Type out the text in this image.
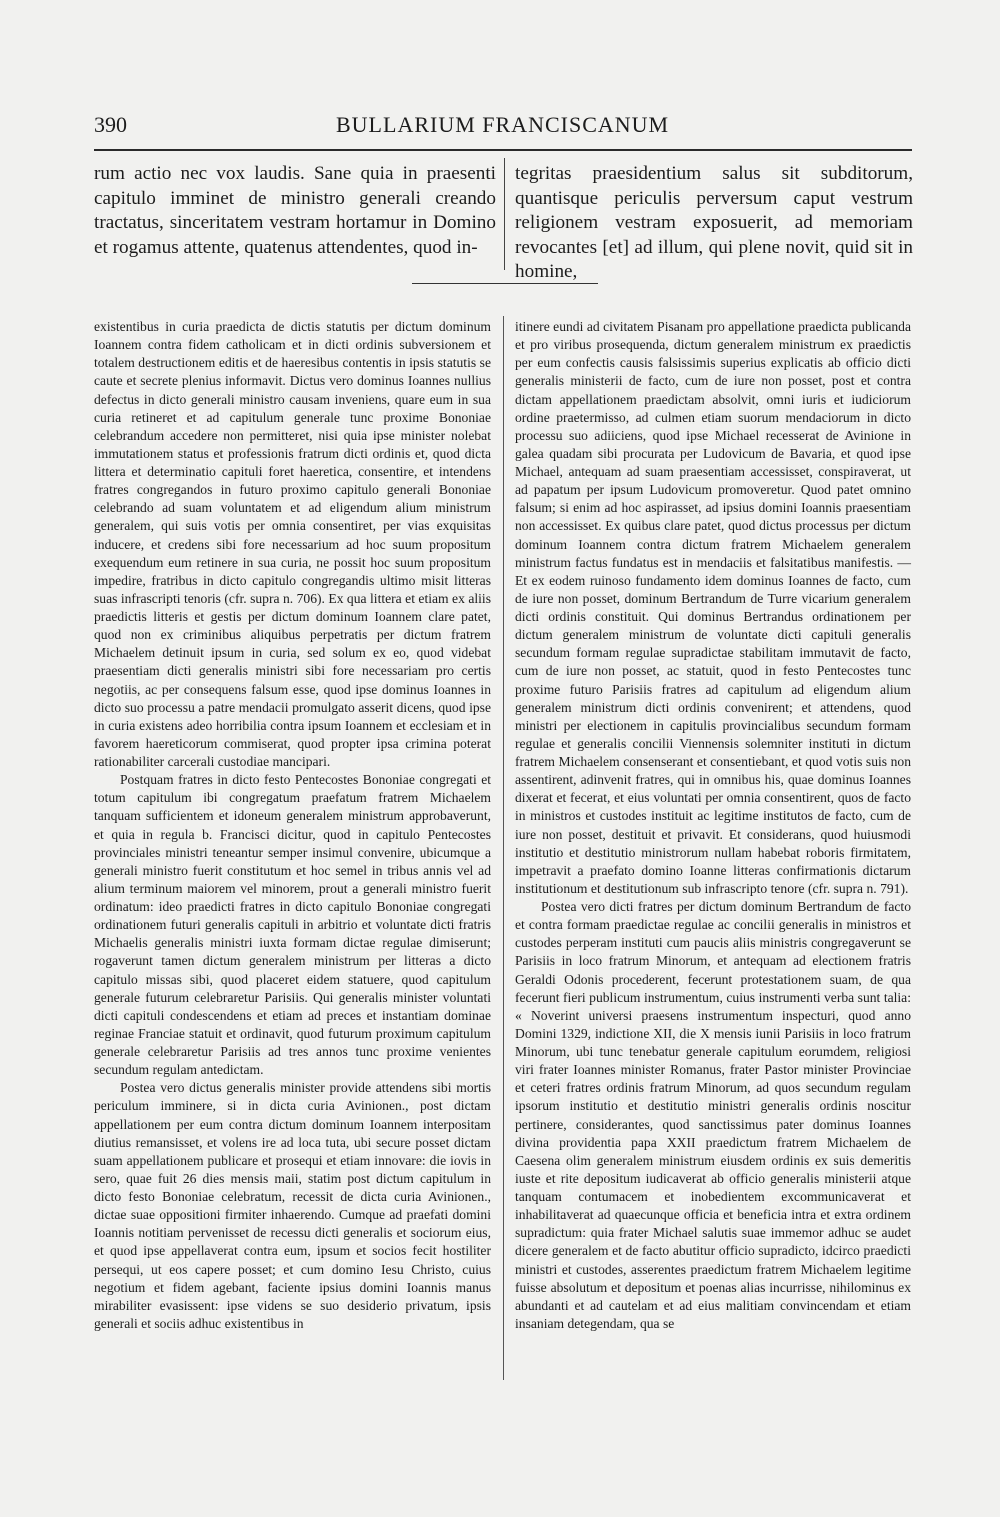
390	BULLARIUM FRANCISCANUM
rum actio nec vox laudis. Sane quia in praesenti capitulo imminet de ministro generali creando tractatus, sinceritatem vestram hortamur in Domino et rogamus attente, quatenus attendentes, quod in-
tegritas praesidentium salus sit subditorum, quantisque periculis perversum caput vestrum religionem vestram exposuerit, ad memoriam revocantes [et] ad illum, qui plene novit, quid sit in homine,

existentibus in curia praedicta de dictis statutis per dictum dominum Ioannem contra fidem catholicam et in dicti ordinis subversionem et totalem destructionem editis et de haeresibus contentis in ipsis statutis se caute et secrete plenius informavit. Dictus vero dominus Ioannes nullius defectus in dicto generali ministro causam inveniens, quare eum in sua curia retineret et ad capitulum generale tunc proxime Bononiae celebrandum accedere non permitteret, nisi quia ipse minister nolebat immutationem status et professionis fratrum dicti ordinis et, quod dicta littera et determinatio capituli foret haeretica, consentire, et intendens fratres congregandos in futuro proximo capitulo generali Bononiae celebrando ad suam voluntatem et ad eligendum alium ministrum generalem, qui suis votis per omnia consentiret, per vias exquisitas inducere, et credens sibi fore necessarium ad hoc suum propositum exequendum eum retinere in sua curia, ne possit hoc suum propositum impedire, fratribus in dicto capitulo congregandis ultimo misit litteras suas infrascripti tenoris (cfr. supra n. 706). Ex qua littera et etiam ex aliis praedictis litteris et gestis per dictum dominum Ioannem clare patet, quod non ex criminibus aliquibus perpetratis per dictum fratrem Michaelem detinuit ipsum in curia, sed solum ex eo, quod videbat praesentiam dicti generalis ministri sibi fore necessariam pro certis negotiis, ac per consequens falsum esse, quod ipse dominus Ioannes in dicto suo processu a patre mendacii promulgato asserit dicens, quod ipse in curia existens adeo horribilia contra ipsum Ioannem et ecclesiam et in favorem haereticorum commiserat, quod propter ipsa crimina poterat rationabiliter carcerali custodiae mancipari.

Postquam fratres in dicto festo Pentecostes Bononiae congregati et totum capitulum ibi congregatum praefatum fratrem Michaelem tanquam sufficientem et idoneum generalem ministrum approbaverunt, et quia in regula b. Francisci dicitur, quod in capitulo Pentecostes provinciales ministri teneantur semper insimul convenire, ubicumque a generali ministro fuerit constitutum et hoc semel in tribus annis vel ad alium terminum maiorem vel minorem, prout a generali ministro fuerit ordinatum: ideo praedicti fratres in dicto capitulo Bononiae congregati ordinationem futuri generalis capituli in arbitrio et voluntate dicti fratris Michaelis generalis ministri iuxta formam dictae regulae dimiserunt; rogaverunt tamen dictum generalem ministrum per litteras a dicto capitulo missas sibi, quod placeret eidem statuere, quod capitulum generale futurum celebraretur Parisiis. Qui generalis minister voluntati dicti capituli condescendens et etiam ad preces et instantiam dominae reginae Franciae statuit et ordinavit, quod futurum proximum capitulum generale celebraretur Parisiis ad tres annos tunc proxime venientes secundum regulam antedictam.

Postea vero dictus generalis minister provide attendens sibi mortis periculum imminere, si in dicta curia Avinionen., post dictam appellationem per eum contra dictum dominum Ioannem interpositam diutius remansisset, et volens ire ad loca tuta, ubi secure posset dictam suam appellationem publicare et prosequi et etiam innovare: die iovis in sero, quae fuit 26 dies mensis maii, statim post dictum capitulum in dicto festo Bononiae celebratum, recessit de dicta curia Avinionen., dictae suae oppositioni firmiter inhaerendo. Cumque ad praefati domini Ioannis notitiam pervenisset de recessu dicti generalis et sociorum eius, et quod ipse appellaverat contra eum, ipsum et socios fecit hostiliter persequi, ut eos capere posset; et cum domino Iesu Christo, cuius negotium et fidem agebant, faciente ipsius domini Ioannis manus mirabiliter evasissent: ipse videns se suo desiderio privatum, ipsis generali et sociis adhuc existentibus in

itinere eundi ad civitatem Pisanam pro appellatione praedicta publicanda et pro viribus prosequenda, dictum generalem ministrum ex praedictis per eum confectis causis falsissimis superius explicatis ab officio dicti generalis ministerii de facto, cum de iure non posset, post et contra dictam appellationem praedictam absolvit, omni iuris et iudiciorum ordine praetermisso, ad culmen etiam suorum mendaciorum in dicto processu suo adiiciens, quod ipse Michael recesserat de Avinione in galea quadam sibi procurata per Ludovicum de Bavaria, et quod ipse Michael, antequam ad suam praesentiam accessisset, conspiraverat, ut ad papatum per ipsum Ludovicum promoveretur. Quod patet omnino falsum; si enim ad hoc aspirasset, ad ipsius domini Ioannis praesentiam non accessisset. Ex quibus clare patet, quod dictus processus per dictum dominum Ioannem contra dictum fratrem Michaelem generalem ministrum factus fundatus est in mendaciis et falsitatibus manifestis. — Et ex eodem ruinoso fundamento idem dominus Ioannes de facto, cum de iure non posset, dominum Bertrandum de Turre vicarium generalem dicti ordinis constituit. Qui dominus Bertrandus ordinationem per dictum generalem ministrum de voluntate dicti capituli generalis secundum formam regulae supradictae stabilitam immutavit de facto, cum de iure non posset, ac statuit, quod in festo Pentecostes tunc proxime futuro Parisiis fratres ad capitulum ad eligendum alium generalem ministrum dicti ordinis convenirent; et attendens, quod ministri per electionem in capitulis provincialibus secundum formam regulae et generalis concilii Viennensis solemniter instituti in dictum fratrem Michaelem consenserant et consentiebant, et quod votis suis non assentirent, adinvenit fratres, qui in omnibus his, quae dominus Ioannes dixerat et fecerat, et eius voluntati per omnia consentirent, quos de facto in ministros et custodes instituit ac legitime institutos de facto, cum de iure non posset, destituit et privavit. Et considerans, quod huiusmodi institutio et destitutio ministrorum nullam habebat roboris firmitatem, impetravit a praefato domino Ioanne litteras confirmationis dictarum institutionum et destitutionum sub infrascripto tenore (cfr. supra n. 791).

Postea vero dicti fratres per dictum dominum Bertrandum de facto et contra formam praedictae regulae ac concilii generalis in ministros et custodes perperam instituti cum paucis aliis ministris congregaverunt se Parisiis in loco fratrum Minorum, et antequam ad electionem fratris Geraldi Odonis procederent, fecerunt protestationem suam, de qua fecerunt fieri publicum instrumentum, cuius instrumenti verba sunt talia: « Noverint universi praesens instrumentum inspecturi, quod anno Domini 1329, indictione XII, die X mensis iunii Parisiis in loco fratrum Minorum, ubi tunc tenebatur generale capitulum eorumdem, religiosi viri frater Ioannes minister Romanus, frater Pastor minister Provinciae et ceteri fratres ordinis fratrum Minorum, ad quos secundum regulam ipsorum institutio et destitutio ministri generalis ordinis noscitur pertinere, considerantes, quod sanctissimus pater dominus Ioannes divina providentia papa XXII praedictum fratrem Michaelem de Caesena olim generalem ministrum eiusdem ordinis ex suis demeritis iuste et rite depositum iudicaverat ab officio generalis ministerii atque tanquam contumacem et inobedientem excommunicaverat et inhabilitaverat ad quaecunque officia et beneficia intra et extra ordinem supradictum: quia frater Michael salutis suae immemor adhuc se audet dicere generalem et de facto abutitur officio supradicto, idcirco praedicti ministri et custodes, asserentes praedictum fratrem Michaelem legitime fuisse absolutum et depositum et poenas alias incurrisse, nihilominus ex abundanti et ad cautelam et ad eius malitiam convincendam et etiam insaniam detegendam, qua se
